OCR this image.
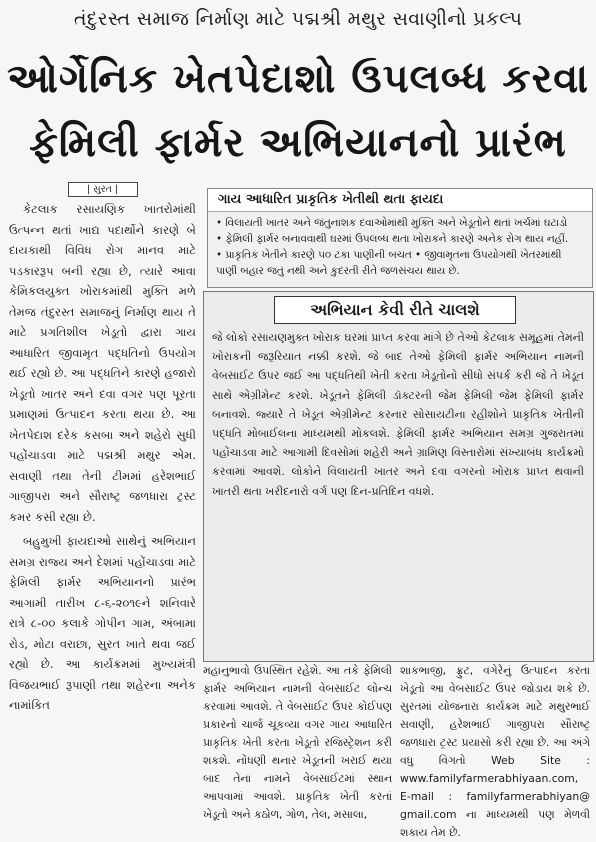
તંદુરસ્ત સમાજ નિર્માણ માટે પદ્મશ્રી મથુર સવાણીનો પ્રકલ્પ
ઓર્ગેનિક ખેતપેદાશો ઉપલબ્ધ કરવા
ફેમિલી ફાર્મર અભિયાનનો પ્રારંભ
| સુરત |

કેટલાક રસાયણિક ખાતરોમાંથી ઉત્પન્ન થતાં ખાદ્ય પદાર્થોને કારણે બે દાયકાથી વિવિધ રોગ માનવ માટે પડકારરૂપ બની રહ્યા છે, ત્યારે આવા કેમિકલયુક્ત ખોરાકમાંથી મુક્તિ મળે તેમજ તંદુરસ્ત સમાજનું નિર્માણ થાય તે માટે પ્રગતિશીલ ખેડૂતો દ્વારા ગાય આધારિત જીવામૃત પદ્ધતિનો ઉપયોગ થઈ રહ્યો છે. આ પદ્ધતિને કારણે હજારો ખેડૂતો ખાતર અને દવા વગર પણ પૂરતા પ્રમાણમાં ઉત્પાદન કરતા થયા છે. આ ખેતપેદાશ દરેક કસબા અને શહેરો સુધી પહોંચાડવા માટે પદ્મશ્રી મથુર એમ. સવાણી તથા તેની ટીમમાં હરેશભાઈ ગાજીપરા અને સૌરાષ્ટ્ર જળધારા ટ્રસ્ટ કમર કસી રહ્યા છે.

બહુમુખી ફાયદાઓ સાથેનું અભિયાન સમગ્ર રાજ્ય અને દેશમાં પહોંચાડવા માટે ફેમિલી ફાર્મર અભિયાનનો પ્રારંભ આગામી તારીખ ૮-૬-૨૦૧૯ને શનિવારે રાત્રે ૮-૦૦ કલાકે ગોપીન ગામ, અંબામા રોડ, મોટા વરાછા, સુરત ખાતે થવા જઈ રહ્યો છે. આ કાર્યક્રમમાં મુખ્યમંત્રી વિજયભાઈ રૂપાણી તથા શહેરના અનેક નામાંકિત

ગાય આધારિત પ્રાકૃતિક ખેતીથી થતા ફાયદા
• વિલાયતી ખાતર અને જંતુનાશક દવાઓમાંથી મુક્તિ અને ખેડૂતોને થતાં ખર્ચમાં ઘટાડો
• ફેમિલી ફાર્મર બનાવવાથી ઘરમાં ઉપલબ્ધ થતા ખોરાકને કારણે અનેક રોગ થાય નહીં.
• પ્રાકૃતિક ખેતીને કારણે ૫૦ ટકા પાણીની બચત • જીવામૃતના ઉપયોગથી ખેતરમાંથી પાણી બહાર જતું નથી અને કુદરતી રીતે જળસંચય થાય છે.
અભિયાન કેવી રીતે ચાલશે
જે લોકો રસાયણમુક્ત ખોરાક ઘરમાં પ્રાપ્ત કરવા માંગે છે તેઓ કેટલાક સમૂહમાં તેમની ખોરાકની જરૂરિયાત નક્કી કરશે. જે બાદ તેઓ ફેમિલી ફાર્મર અભિયાન નામની વેબસાઈટ ઉપર જઈ આ પદ્ધતિથી ખેતી કરતા ખેડૂતોનો સીધો સંપર્ક કરી જે તે ખેડૂત સાથે એગ્રીમેન્ટ કરશે. ખેડૂતને ફેમિલી ડૉક્ટરની જેમ ફેમિલી જેમ ફેમિલી ફાર્મર બનાવશે. જ્યારે તે ખેડૂત એગ્રીમેન્ટ કરનાર સોસાયટીના રહીશોને પ્રાકૃતિક ખેતીની પદ્ધતિ મોબાઈલના માધ્યમથી મોકલશે. ફેમિલી ફાર્મર અભિયાન સમગ્ર ગુજરાતમાં પહોંચાડવા માટે આગામી દિવસોમાં શહેરી અને ગ્રામિણ વિસ્તારોમાં સંખ્યાબંધ કાર્યક્રમો કરવામાં આવશે. લોકોને વિલાયતી ખાતર અને દવા વગરનો ખોરાક પ્રાપ્ત થવાની ખાતરી થતા ખરીદનારો વર્ગ પણ દિન-પ્રતિદિન વધશે.
મહાનુભાવો ઉપસ્થિત રહેશે. આ તકે ફેમિલી ફાર્મર અભિયાન નામની વેબસાઈટ લોન્ચ કરવામાં આવશે. તે વેબસાઈટ ઉપર કોઈપણ પ્રકારનો ચાર્જ ચૂકવ્યા વગર ગાય આધારિત પ્રાકૃતિક ખેતી કરતા ખેડૂતો રજિસ્ટ્રેશન કરી શકશે. નોંધણી થનાર ખેડૂતની ખરાઈ થયા બાદ તેના નામને વેબસાઈટમાં સ્થાન આપવામાં આવશે. પ્રાકૃતિક ખેતી કરતાં ખેડૂતો અને કઠોળ, ગોળ, તેલ, મસાલા,
શાકભાજી, ફ્રુટ, વગેરેનું ઉત્પાદન કરતા ખેડૂતો આ વેબસાઈટ ઉપર જોડાય શકે છે. સુરતમાં યોજનારા કાર્યક્રમ માટે મથુરભાઈ સવાણી, હરેશભાઈ ગાજીપરા સૌરાષ્ટ્ર જળધારા ટ્રસ્ટ પ્રયાસો કરી રહ્યા છે. આ અંગે વધુ વિગતો Web Site : www.familyfarmerabhiyaan.com, E-mail : familyfarmerabhiyan@ gmail.com ના માધ્યમથી પણ મેળવી શકાય તેમ છે.
